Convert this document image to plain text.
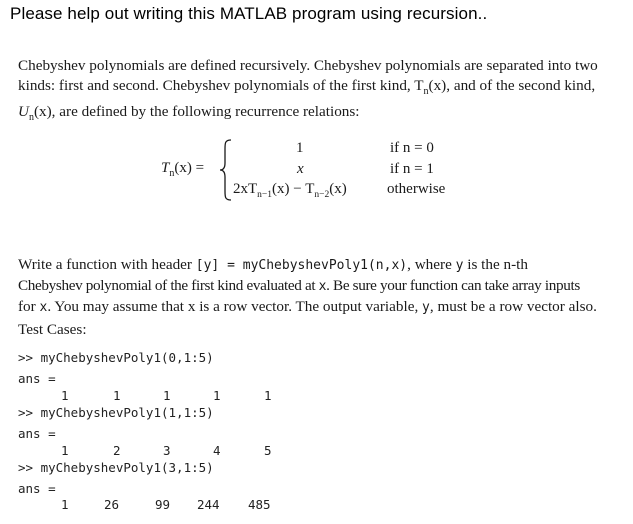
Please help out writing this MATLAB program using recursion..
Chebyshev polynomials are defined recursively. Chebyshev polynomials are separated into two
kinds: first and second. Chebyshev polynomials of the first kind, $T_n(x)$, and of the second kind,
$U_n(x)$, are defined by the following recurrence relations:
$T_n(x)$ =
1	if n = 0
x	if n = 1
$2xT_{n-1}(x) - T_{n-2}(x)$	otherwise
Write a function with header [y] = myChebyshevPoly1(n,x), where y is the n-th
Chebyshev polynomial of the first kind evaluated at x. Be sure your function can take array inputs
for x. You may assume that x is a row vector. The output variable, y, must be a row vector also.
Test Cases:
>> myChebyshevPoly1(0,1:5)
ans =
1	1	1	1	1
>> myChebyshevPoly1(1,1:5)
ans =
1	2	3	4	5
>> myChebyshevPoly1(3,1:5)
ans =
1	26	99 244 485
